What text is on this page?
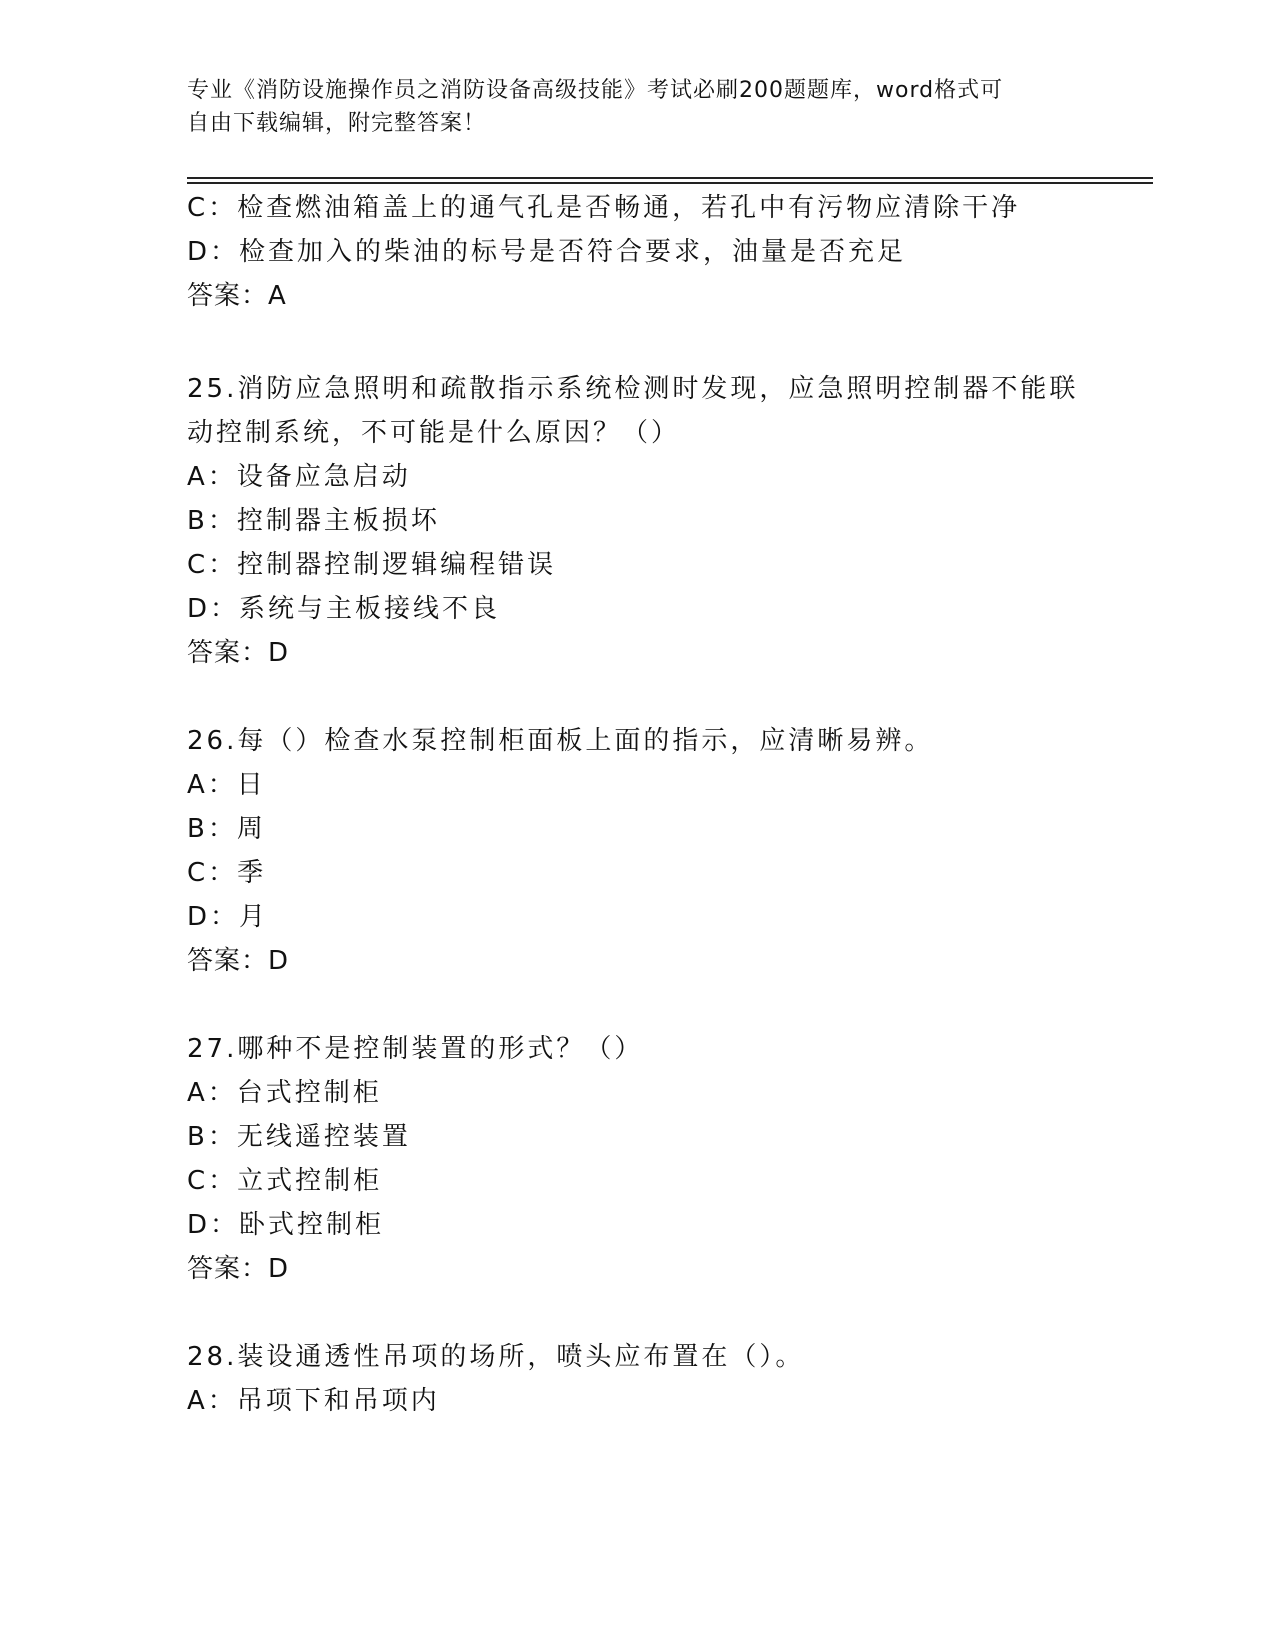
专业《消防设施操作员之消防设备高级技能》考试必刷200题题库，word格式可
自由下载编辑，附完整答案！
C：检查燃油箱盖上的通气孔是否畅通，若孔中有污物应清除干净
D：检查加入的柴油的标号是否符合要求，油量是否充足
答案：A
25.消防应急照明和疏散指示系统检测时发现，应急照明控制器不能联
动控制系统，不可能是什么原因？（）
A：设备应急启动
B：控制器主板损坏
C：控制器控制逻辑编程错误
D：系统与主板接线不良
答案：D
26.每（）检查水泵控制柜面板上面的指示，应清晰易辨。
A：日
B：周
C：季
D：月
答案：D
27.哪种不是控制装置的形式？（）
A：台式控制柜
B：无线遥控装置
C：立式控制柜
D：卧式控制柜
答案：D
28.装设通透性吊项的场所，喷头应布置在（）。
A：吊项下和吊项内
